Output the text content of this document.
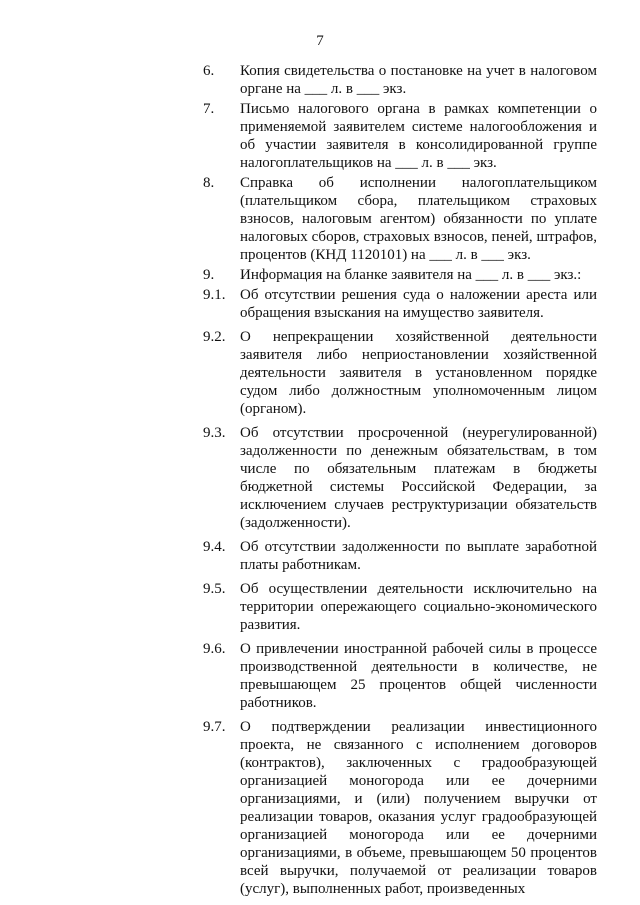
7
6. Копия свидетельства о постановке на учет в налоговом органе на ___ л. в ___ экз.
7. Письмо налогового органа в рамках компетенции о применяемой заявителем системе налогообложения и об участии заявителя в консолидированной группе налогоплательщиков на ___ л. в ___ экз.
8. Справка об исполнении налогоплательщиком (плательщиком сбора, плательщиком страховых взносов, налоговым агентом) обязанности по уплате налоговых сборов, страховых взносов, пеней, штрафов, процентов (КНД 1120101) на ___ л. в ___ экз.
9. Информация на бланке заявителя на ___ л. в ___ экз.:
9.1. Об отсутствии решения суда о наложении ареста или обращения взыскания на имущество заявителя.
9.2. О непрекращении хозяйственной деятельности заявителя либо неприостановлении хозяйственной деятельности заявителя в установленном порядке судом либо должностным уполномоченным лицом (органом).
9.3. Об отсутствии просроченной (неурегулированной) задолженности по денежным обязательствам, в том числе по обязательным платежам в бюджеты бюджетной системы Российской Федерации, за исключением случаев реструктуризации обязательств (задолженности).
9.4. Об отсутствии задолженности по выплате заработной платы работникам.
9.5. Об осуществлении деятельности исключительно на территории опережающего социально-экономического развития.
9.6. О привлечении иностранной рабочей силы в процессе производственной деятельности в количестве, не превышающем 25 процентов общей численности работников.
9.7. О подтверждении реализации инвестиционного проекта, не связанного с исполнением договоров (контрактов), заключенных с градообразующей организацией моногорода или ее дочерними организациями, и (или) получением выручки от реализации товаров, оказания услуг градообразующей организацией моногорода или ее дочерними организациями, в объеме, превышающем 50 процентов всей выручки, получаемой от реализации товаров (услуг), выполненных работ, произведенных
